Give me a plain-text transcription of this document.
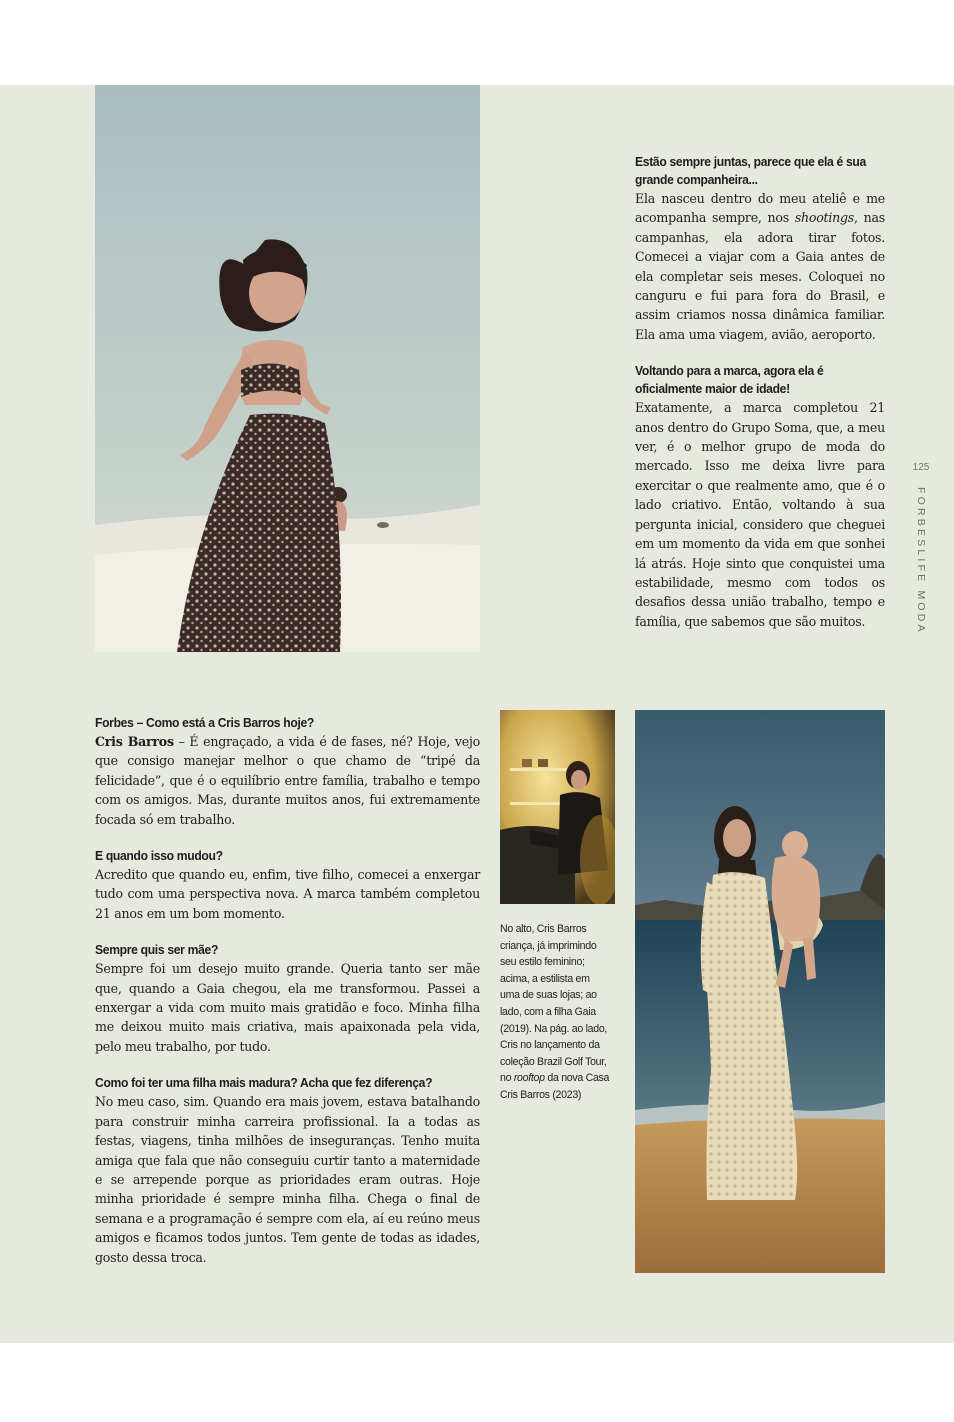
Estão sempre juntas, parece que ela é sua grande companheira...

Ela nasceu dentro do meu ateliê e me acompanha sempre, nos shootings, nas campanhas, ela adora tirar fotos. Comecei a viajar com a Gaia antes de ela completar seis meses. Coloquei no canguru e fui para fora do Brasil, e assim criamos nossa dinâmica familiar. Ela ama uma viagem, avião, aeroporto.

Voltando para a marca, agora ela é oficialmente maior de idade!

Exatamente, a marca completou 21 anos dentro do Grupo Soma, que, a meu ver, é o melhor grupo de moda do mercado. Isso me deixa livre para exercitar o que realmente amo, que é o lado criativo. Então, voltando à sua pergunta inicial, considero que cheguei em um momento da vida em que sonhei lá atrás. Hoje sinto que conquistei uma estabilidade, mesmo com todos os desafios dessa união trabalho, tempo e família, que sabemos que são muitos.

125
FORBESLIFE MODA

Forbes – Como está a Cris Barros hoje?

Cris Barros – É engraçado, a vida é de fases, né? Hoje, vejo que consigo manejar melhor o que chamo de “tripé da felicidade”, que é o equilíbrio entre família, trabalho e tempo com os amigos. Mas, durante muitos anos, fui extremamente focada só em trabalho.

E quando isso mudou?

Acredito que quando eu, enfim, tive filho, comecei a enxergar tudo com uma perspectiva nova. A marca também completou 21 anos em um bom momento.

Sempre quis ser mãe?

Sempre foi um desejo muito grande. Queria tanto ser mãe que, quando a Gaia chegou, ela me transformou. Passei a enxergar a vida com muito mais gratidão e foco. Minha filha me deixou muito mais criativa, mais apaixonada pela vida, pelo meu trabalho, por tudo.

Como foi ter uma filha mais madura? Acha que fez diferença?

No meu caso, sim. Quando era mais jovem, estava batalhando para construir minha carreira profissional. Ia a todas as festas, viagens, tinha milhões de inseguranças. Tenho muita amiga que fala que não conseguiu curtir tanto a maternidade e se arrepende porque as prioridades eram outras. Hoje minha prioridade é sempre minha filha. Chega o final de semana e a programação é sempre com ela, aí eu reúno meus amigos e ficamos todos juntos. Tem gente de todas as idades, gosto dessa troca.

No alto, Cris Barros criança, já imprimindo seu estilo feminino; acima, a estilista em uma de suas lojas; ao lado, com a filha Gaia (2019). Na pág. ao lado, Cris no lançamento da coleção Brazil Golf Tour, no rooftop da nova Casa Cris Barros (2023)
